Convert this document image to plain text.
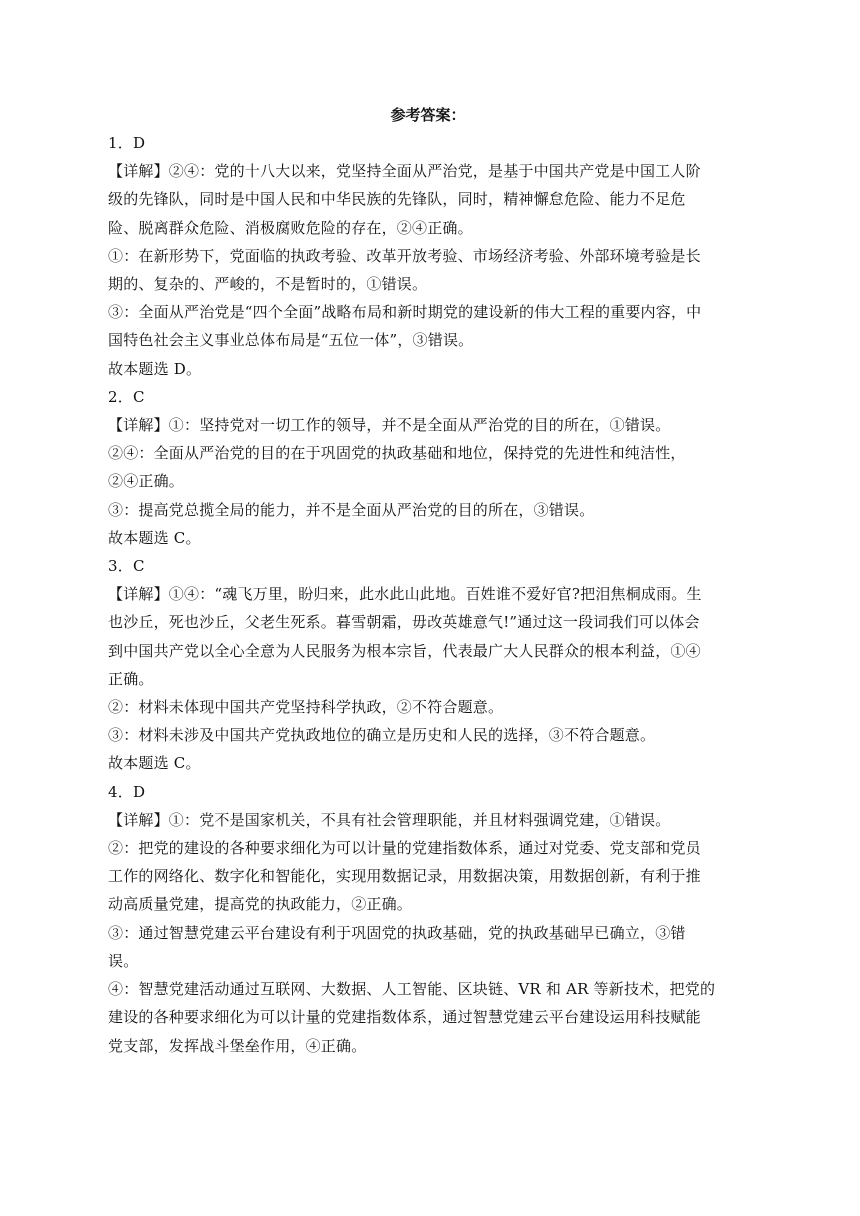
参考答案：
1．D
【详解】②④：党的十八大以来，党坚持全面从严治党，是基于中国共产党是中国工人阶
级的先锋队，同时是中国人民和中华民族的先锋队，同时，精神懈怠危险、能力不足危
险、脱离群众危险、消极腐败危险的存在，②④正确。
①：在新形势下，党面临的执政考验、改革开放考验、市场经济考验、外部环境考验是长
期的、复杂的、严峻的，不是暂时的，①错误。
③：全面从严治党是“四个全面”战略布局和新时期党的建设新的伟大工程的重要内容，中
国特色社会主义事业总体布局是“五位一体”，③错误。
故本题选 D。
2．C
【详解】①：坚持党对一切工作的领导，并不是全面从严治党的目的所在，①错误。
②④：全面从严治党的目的在于巩固党的执政基础和地位，保持党的先进性和纯洁性，
②④正确。
③：提高党总揽全局的能力，并不是全面从严治党的目的所在，③错误。
故本题选 C。
3．C
【详解】①④：“魂飞万里，盼归来，此水此山此地。百姓谁不爱好官?把泪焦桐成雨。生
也沙丘，死也沙丘，父老生死系。暮雪朝霜，毋改英雄意气!”通过这一段词我们可以体会
到中国共产党以全心全意为人民服务为根本宗旨，代表最广大人民群众的根本利益，①④
正确。
②：材料未体现中国共产党坚持科学执政，②不符合题意。
③：材料未涉及中国共产党执政地位的确立是历史和人民的选择，③不符合题意。
故本题选 C。
4．D
【详解】①：党不是国家机关，不具有社会管理职能，并且材料强调党建，①错误。
②：把党的建设的各种要求细化为可以计量的党建指数体系，通过对党委、党支部和党员
工作的网络化、数字化和智能化，实现用数据记录，用数据决策，用数据创新，有利于推
动高质量党建，提高党的执政能力，②正确。
③：通过智慧党建云平台建设有利于巩固党的执政基础，党的执政基础早已确立，③错
误。
④：智慧党建活动通过互联网、大数据、人工智能、区块链、VR 和 AR 等新技术，把党的
建设的各种要求细化为可以计量的党建指数体系，通过智慧党建云平台建设运用科技赋能
党支部，发挥战斗堡垒作用，④正确。
